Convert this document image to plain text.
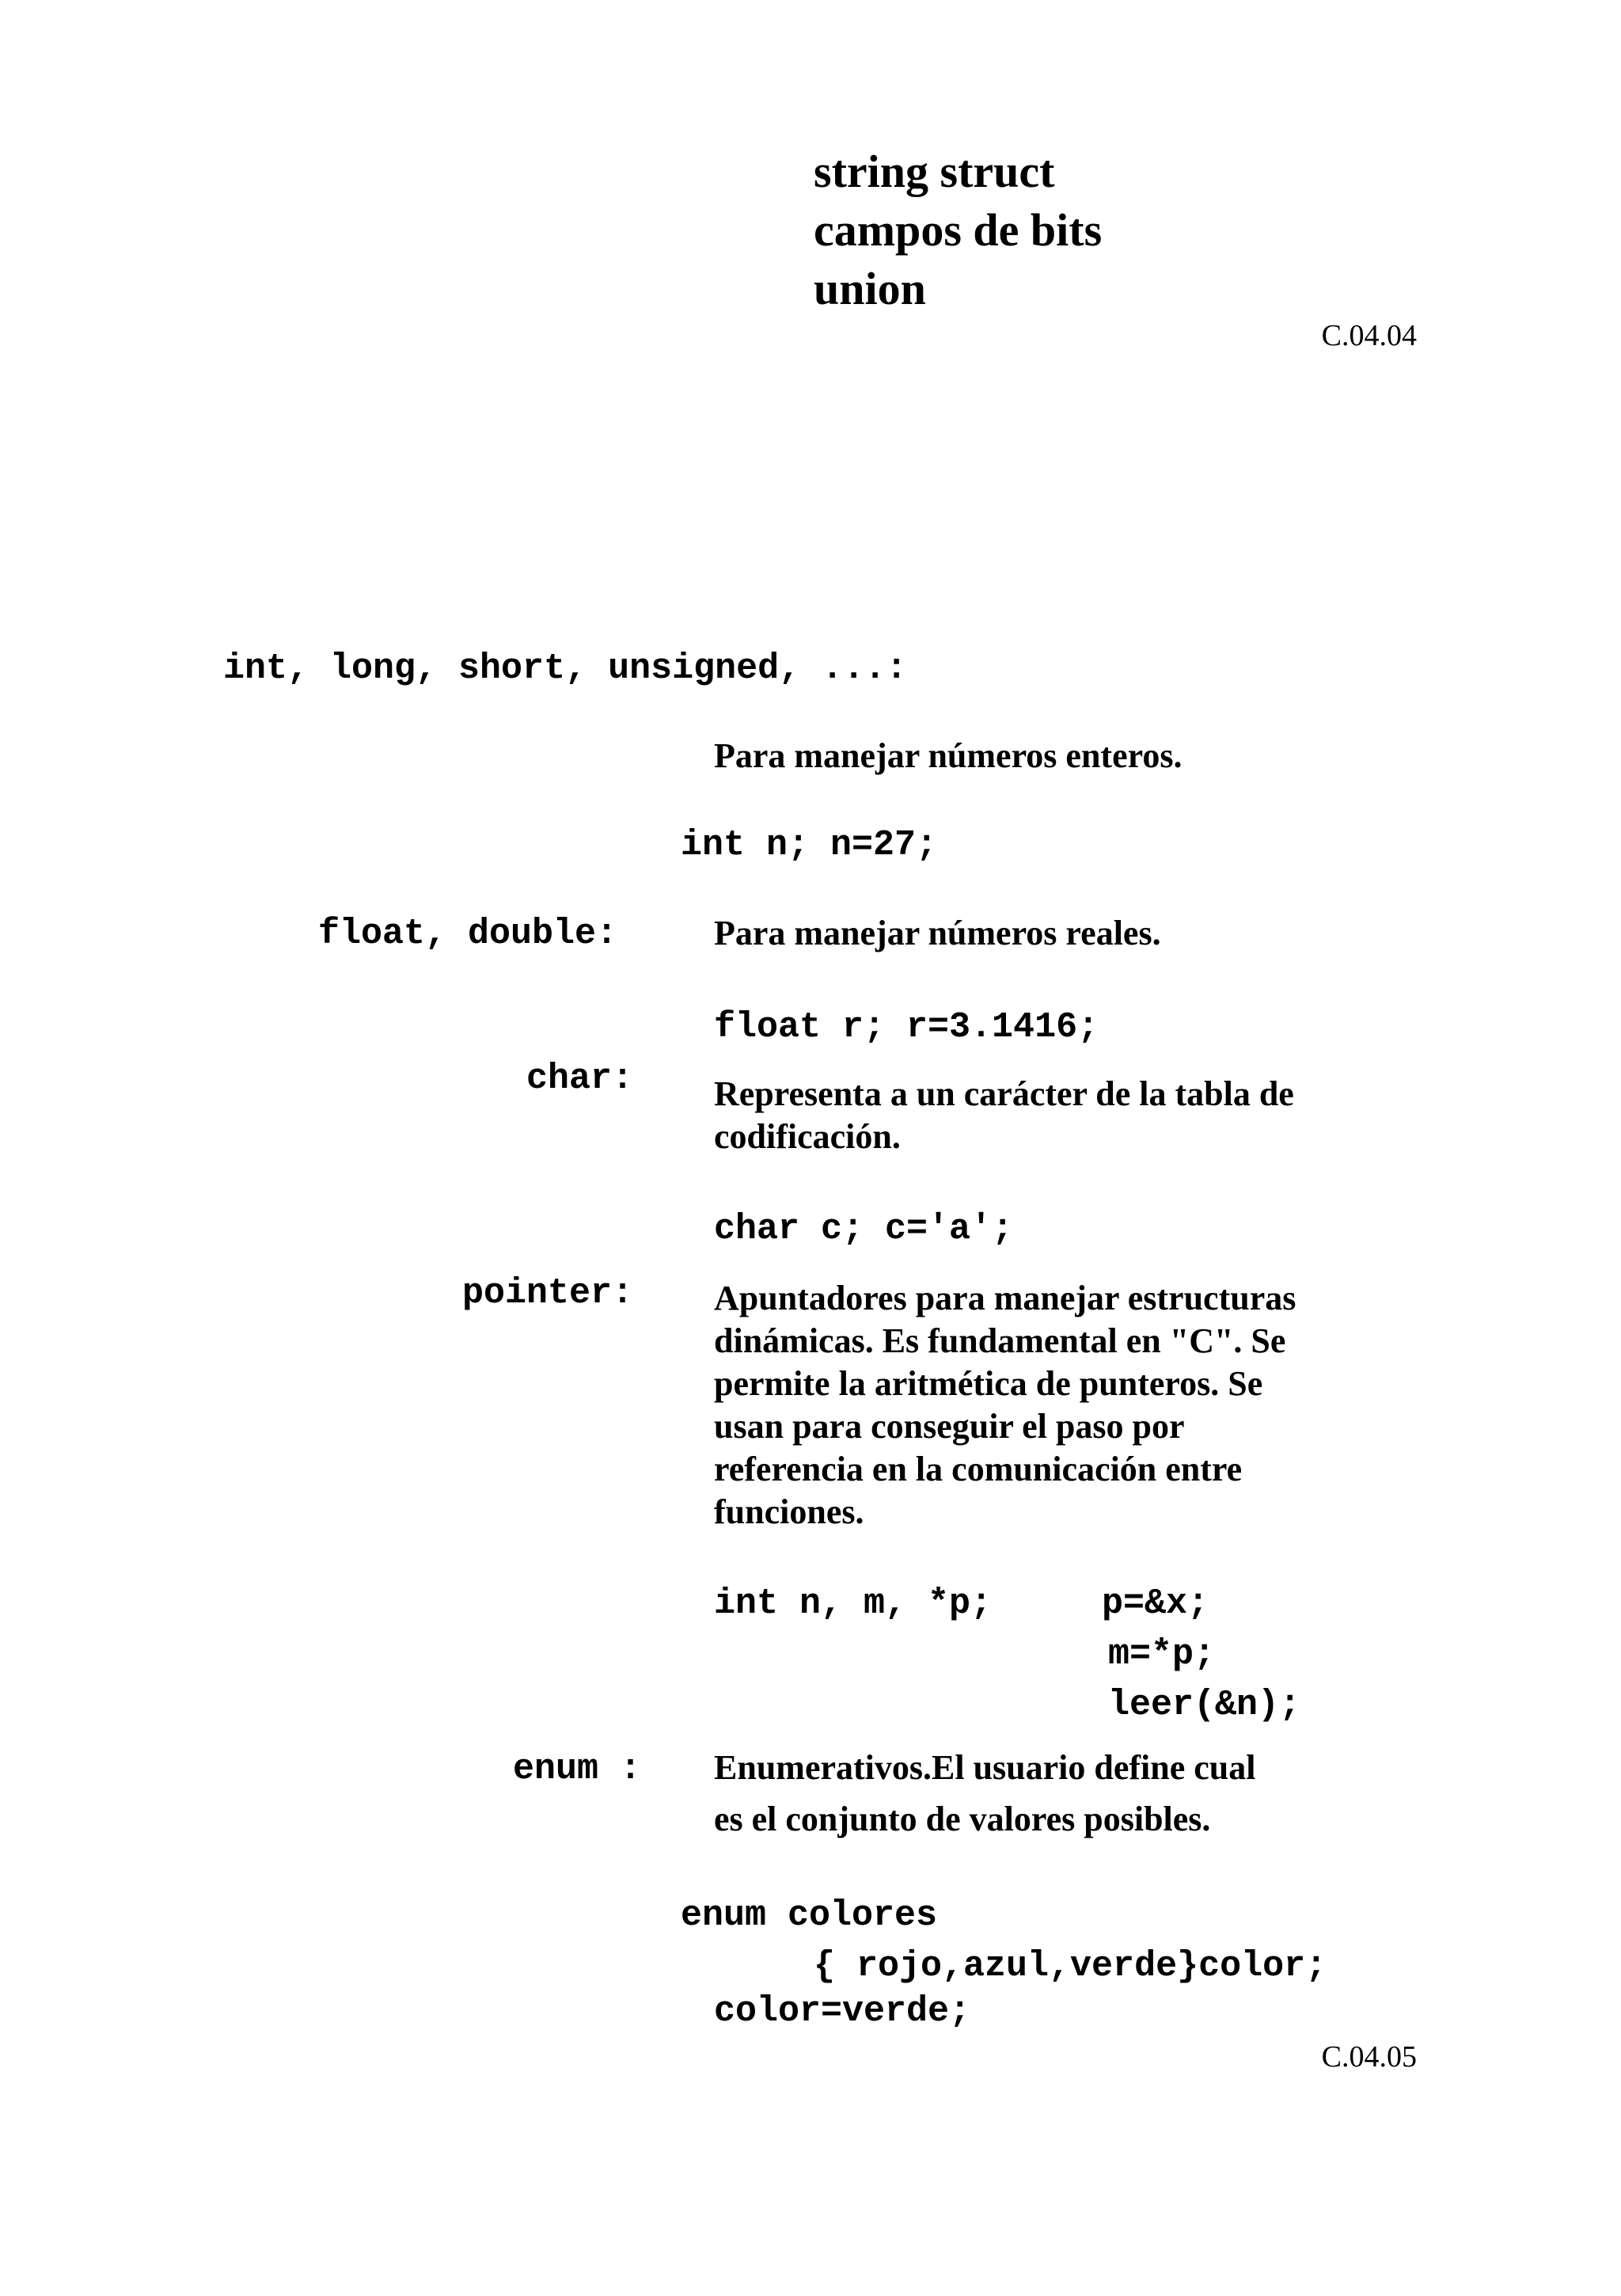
string struct
campos de bits
union
C.04.04
int, long, short, unsigned, ...:
Para manejar números enteros.
int n; n=27;
float, double:	Para manejar números reales.
float r; r=3.1416;
char: Representa a un carácter de la tabla de
codificación.
char c; c='a';
pointer: Apuntadores para manejar estructuras
dinámicas. Es fundamental en "C". Se
permite la aritmética de punteros. Se
usan para conseguir el paso por
referencia en la comunicación entre
funciones.
int n, m, *p;	p=&x;
m=*p;
leer(&n);
enum : Enumerativos.El usuario define cual
es el conjunto de valores posibles.
enum colores
{ rojo,azul,verde}color;
color=verde;
C.04.05
